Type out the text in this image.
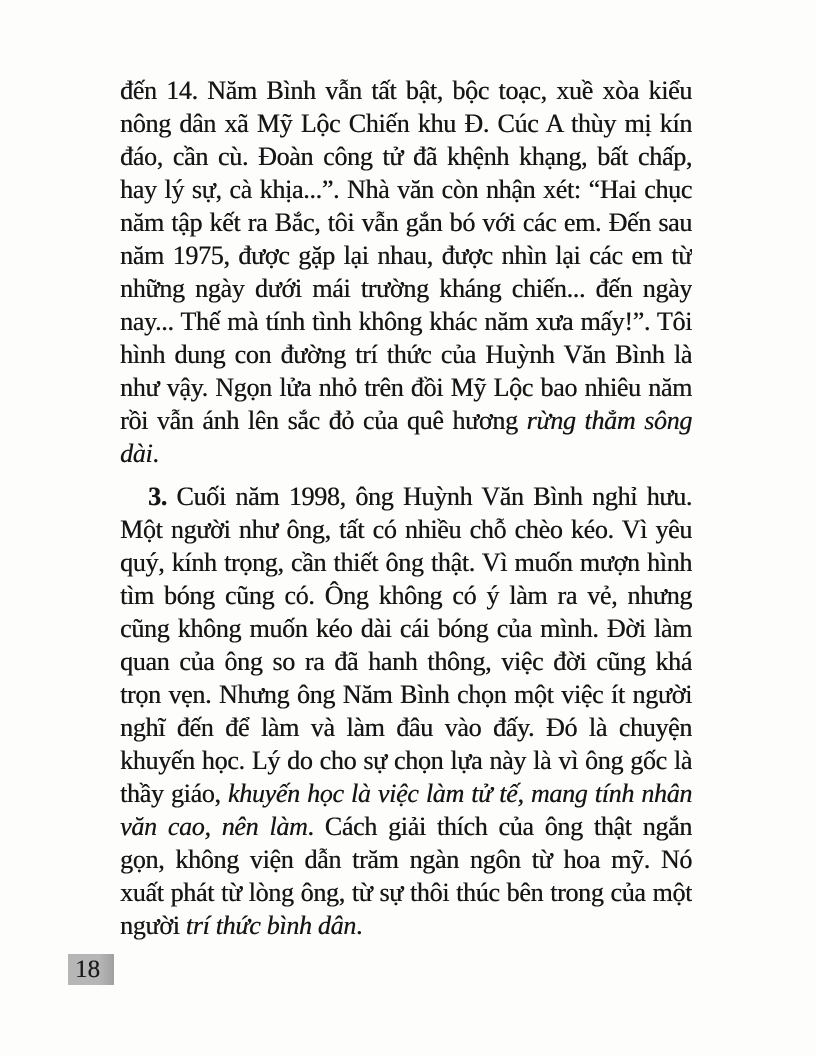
đến 14. Năm Bình vẫn tất bật, bộc toạc, xuề xòa kiểu
nông dân xã Mỹ Lộc Chiến khu Đ. Cúc A thùy mị kín
đáo, cần cù. Đoàn công tử đã khệnh khạng, bất chấp,
hay lý sự, cà khịa...”. Nhà văn còn nhận xét: “Hai chục
năm tập kết ra Bắc, tôi vẫn gắn bó với các em. Đến sau
năm 1975, được gặp lại nhau, được nhìn lại các em từ
những ngày dưới mái trường kháng chiến... đến ngày
nay... Thế mà tính tình không khác năm xưa mấy!”. Tôi
hình dung con đường trí thức của Huỳnh Văn Bình là
như vậy. Ngọn lửa nhỏ trên đồi Mỹ Lộc bao nhiêu năm
rồi vẫn ánh lên sắc đỏ của quê hương rừng thẳm sông
dài.
3. Cuối năm 1998, ông Huỳnh Văn Bình nghỉ hưu.
Một người như ông, tất có nhiều chỗ chèo kéo. Vì yêu
quý, kính trọng, cần thiết ông thật. Vì muốn mượn hình
tìm bóng cũng có. Ông không có ý làm ra vẻ, nhưng
cũng không muốn kéo dài cái bóng của mình. Đời làm
quan của ông so ra đã hanh thông, việc đời cũng khá
trọn vẹn. Nhưng ông Năm Bình chọn một việc ít người
nghĩ đến để làm và làm đâu vào đấy. Đó là chuyện
khuyến học. Lý do cho sự chọn lựa này là vì ông gốc là
thầy giáo, khuyến học là việc làm tử tế, mang tính nhân
văn cao, nên làm. Cách giải thích của ông thật ngắn
gọn, không viện dẫn trăm ngàn ngôn từ hoa mỹ. Nó
xuất phát từ lòng ông, từ sự thôi thúc bên trong của một
người trí thức bình dân.
18
